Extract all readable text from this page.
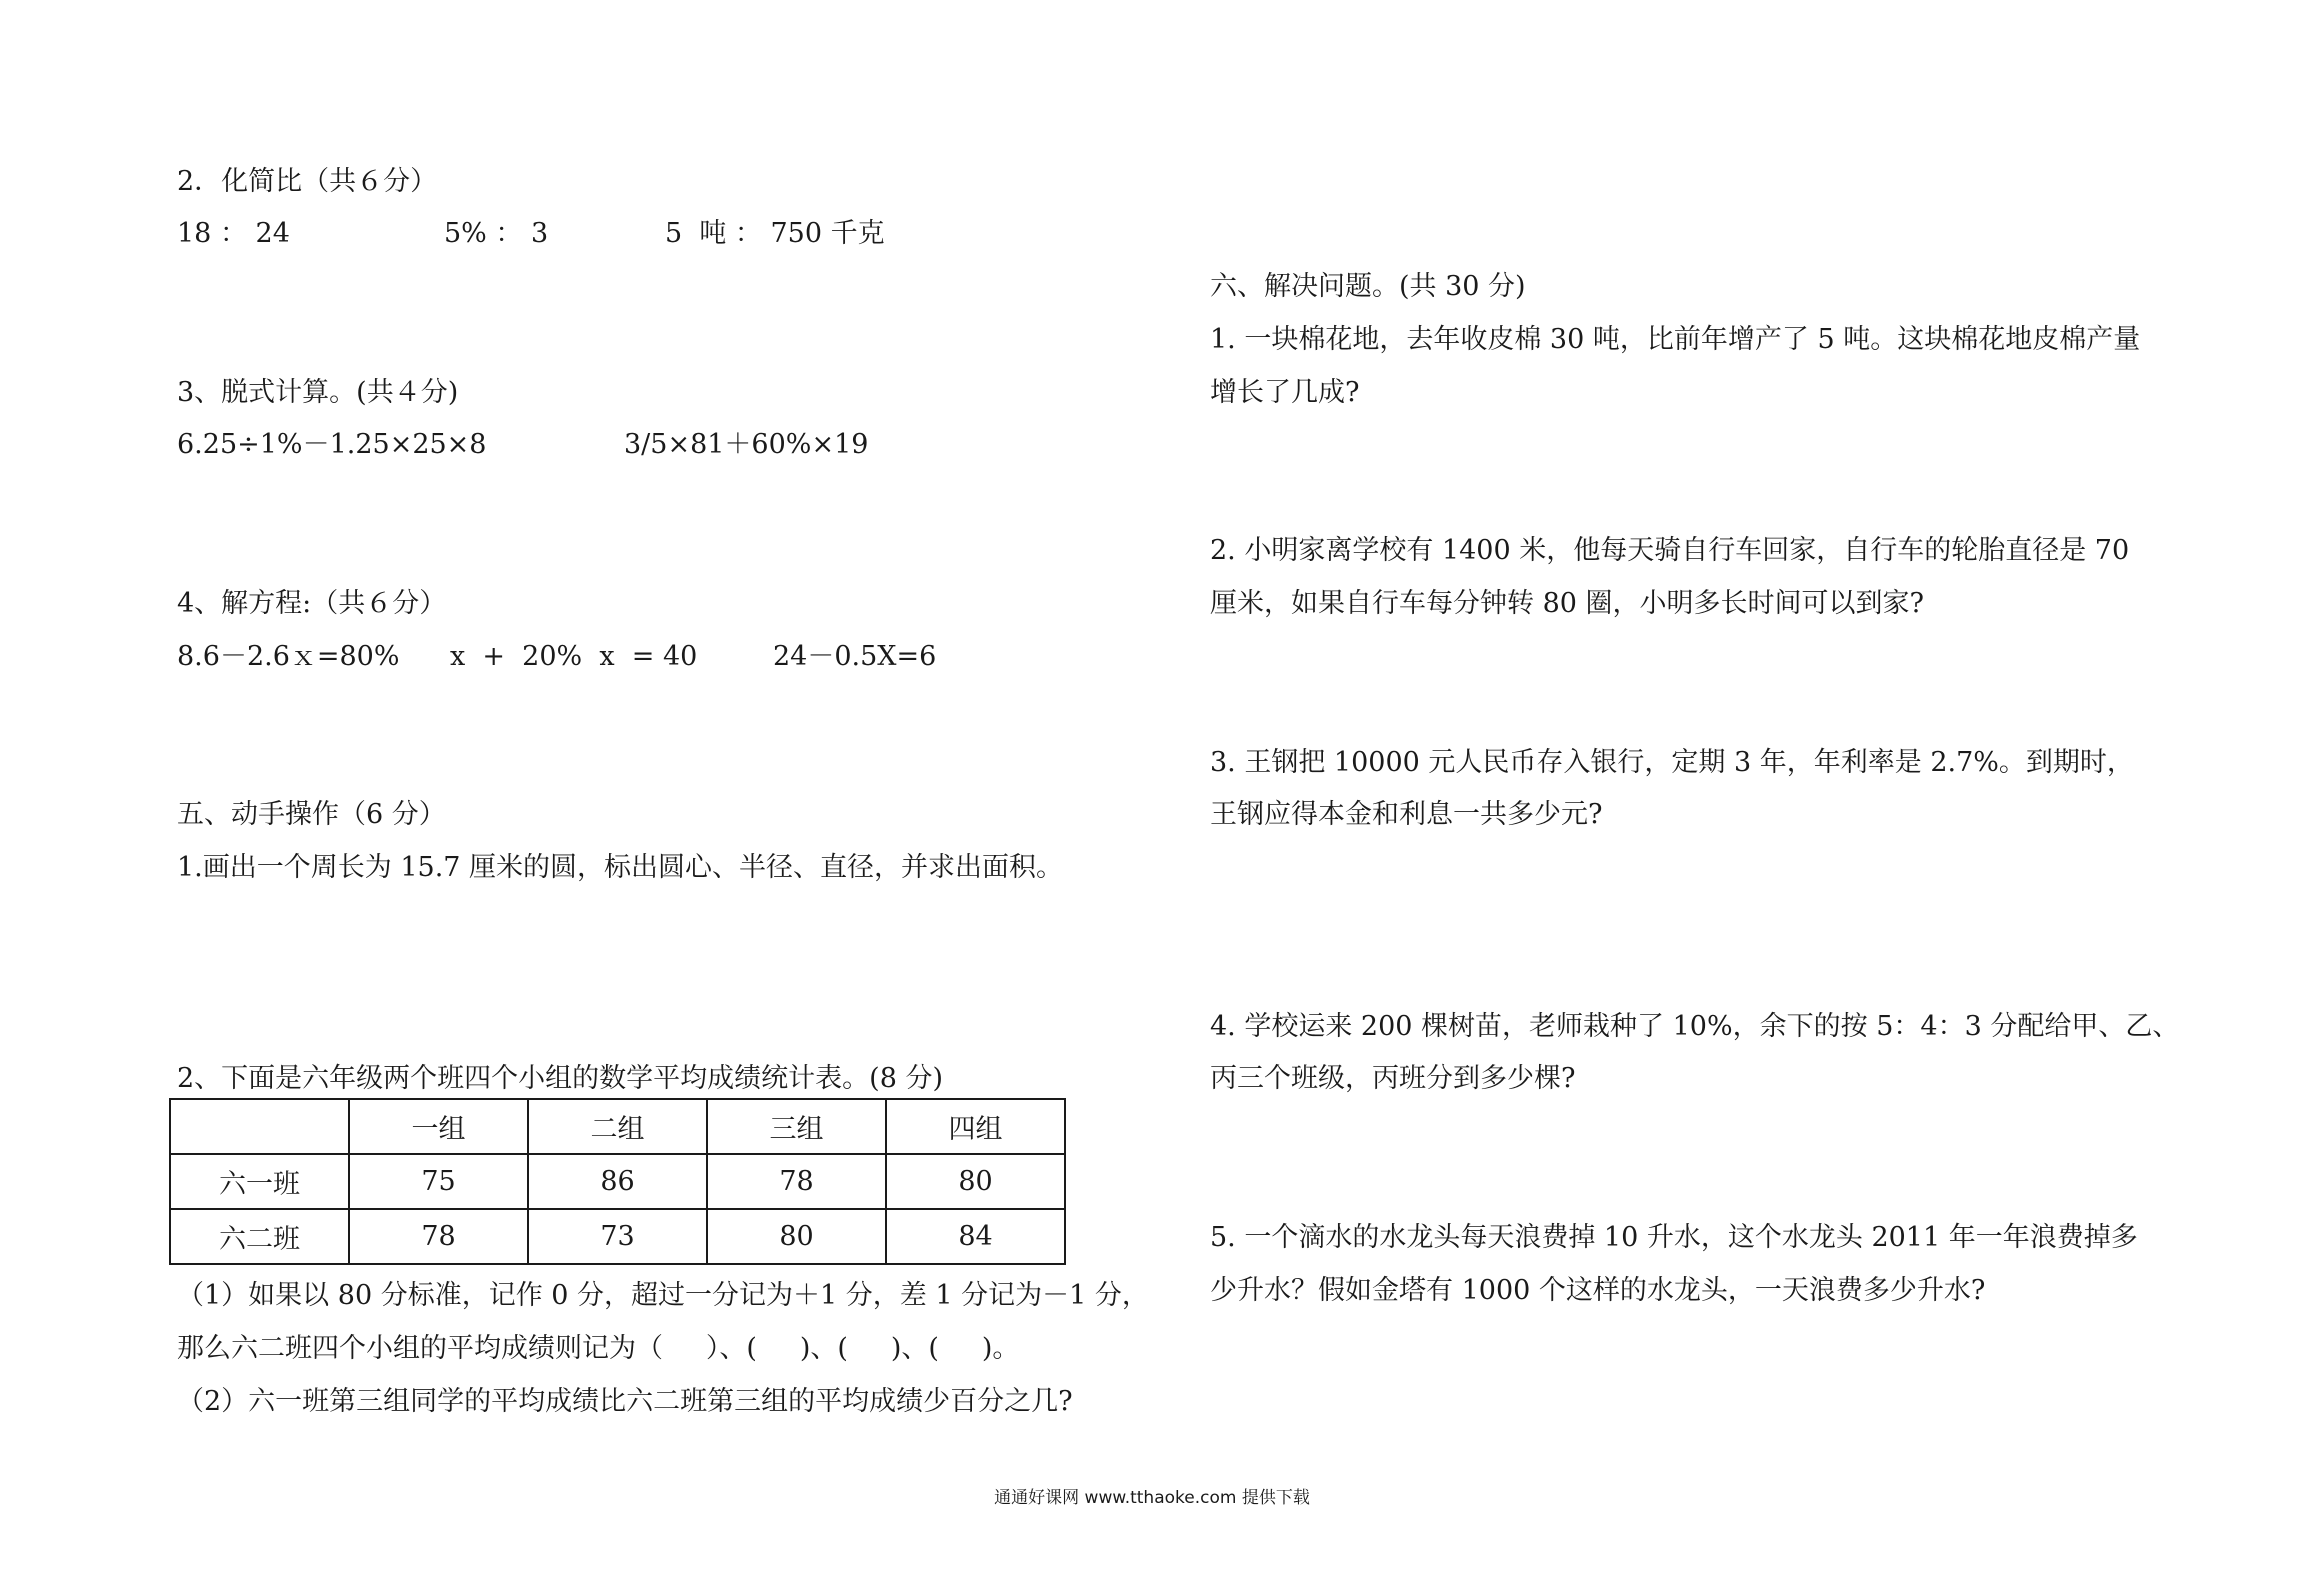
2．化简比（共６分）
18 ： 24	5% ： 3	5  吨 ： 750 千克
3、脱式计算。(共４分)
6.25÷1%－1.25×25×8	3/5×81＋60%×19
4、解方程:（共６分）
8.6－2.6ｘ=80% x  +  20%  x  = 40	24－0.5X=6
五、动手操作（6 分）
1.画出一个周长为 15.7 厘米的圆，标出圆心、半径、直径，并求出面积。
2、下面是六年级两个班四个小组的数学平均成绩统计表。(8 分)
	一组	二组	三组	四组
六一班	75	86	78	80
六二班	78	73	80	84
（1）如果以 80 分标准，记作 0 分，超过一分记为＋1 分，差 1 分记为－1 分，
那么六二班四个小组的平均成绩则记为（     ）、(     )、(     )、(     )。
（2）六一班第三组同学的平均成绩比六二班第三组的平均成绩少百分之几?
六、解决问题。(共 30 分)
1. 一块棉花地，去年收皮棉 30 吨，比前年增产了 5 吨。这块棉花地皮棉产量
增长了几成?
2. 小明家离学校有 1400 米，他每天骑自行车回家，自行车的轮胎直径是 70
厘米，如果自行车每分钟转 80 圈，小明多长时间可以到家?
3. 王钢把 10000 元人民币存入银行，定期 3 年，年利率是 2.7%。到期时，
王钢应得本金和利息一共多少元?
4. 学校运来 200 棵树苗，老师栽种了 10%，余下的按 5：4：3 分配给甲、乙、
丙三个班级，丙班分到多少棵?
5. 一个滴水的水龙头每天浪费掉 10 升水，这个水龙头 2011 年一年浪费掉多
少升水？假如金塔有 1000 个这样的水龙头，一天浪费多少升水?
通通好课网 www.tthaoke.com 提供下载
